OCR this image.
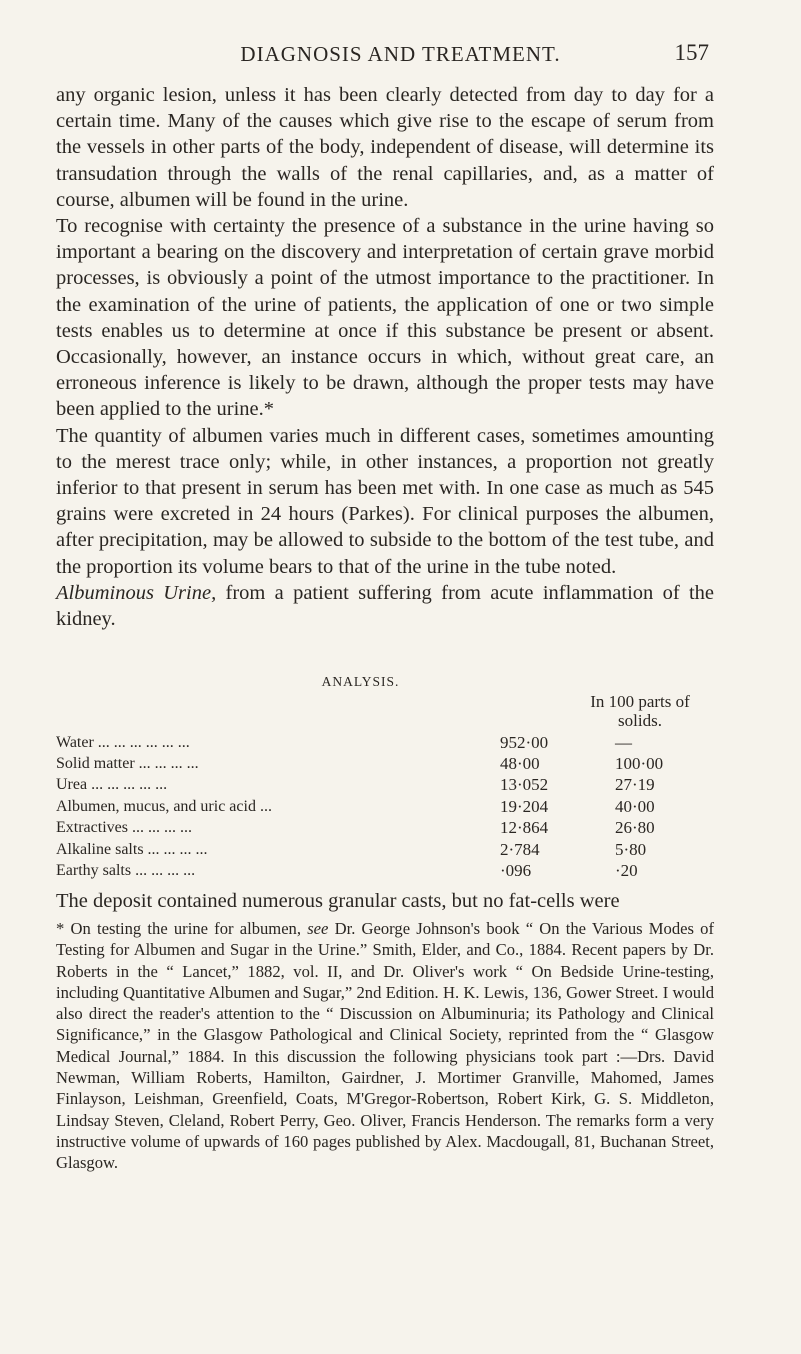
DIAGNOSIS AND TREATMENT.	157

any organic lesion, unless it has been clearly detected from day to day for a certain time. Many of the causes which give rise to the escape of serum from the vessels in other parts of the body, independent of disease, will determine its transudation through the walls of the renal capillaries, and, as a matter of course, albumen will be found in the urine.

To recognise with certainty the presence of a substance in the urine having so important a bearing on the discovery and interpretation of certain grave morbid processes, is obviously a point of the utmost importance to the practitioner. In the examination of the urine of patients, the application of one or two simple tests enables us to determine at once if this substance be present or absent. Occasionally, however, an instance occurs in which, without great care, an erroneous inference is likely to be drawn, although the proper tests may have been applied to the urine.*

The quantity of albumen varies much in different cases, sometimes amounting to the merest trace only; while, in other instances, a proportion not greatly inferior to that present in serum has been met with. In one case as much as 545 grains were excreted in 24 hours (Parkes). For clinical purposes the albumen, after precipitation, may be allowed to subside to the bottom of the test tube, and the proportion its volume bears to that of the urine in the tube noted.

Albuminous Urine, from a patient suffering from acute inflammation of the kidney.

ANALYSIS.
In 100 parts of solids.
Water ... ... ... ... ... ...	952·00	—
Solid matter ... ... ... ...	48·00	100·00
Urea ... ... ... ... ...	13·052	27·19
Albumen, mucus, and uric acid ...	19·204	40·00
Extractives ... ... ... ...	12·864	26·80
Alkaline salts ... ... ... ...	2·784	5·80
Earthy salts ... ... ... ...	·096	·20
The deposit contained numerous granular casts, but no fat-cells were
* On testing the urine for albumen, see Dr. George Johnson's book “ On the Various Modes of Testing for Albumen and Sugar in the Urine.” Smith, Elder, and Co., 1884. Recent papers by Dr. Roberts in the “ Lancet,” 1882, vol. II, and Dr. Oliver's work “ On Bedside Urine-testing, including Quantitative Albumen and Sugar,” 2nd Edition. H. K. Lewis, 136, Gower Street. I would also direct the reader's attention to the “ Discussion on Albuminuria; its Pathology and Clinical Significance,” in the Glasgow Pathological and Clinical Society, reprinted from the “ Glasgow Medical Journal,” 1884. In this discussion the following physicians took part :—Drs. David Newman, William Roberts, Hamilton, Gairdner, J. Mortimer Granville, Mahomed, James Finlayson, Leishman, Greenfield, Coats, M'Gregor-Robertson, Robert Kirk, G. S. Middleton, Lindsay Steven, Cleland, Robert Perry, Geo. Oliver, Francis Henderson. The remarks form a very instructive volume of upwards of 160 pages published by Alex. Macdougall, 81, Buchanan Street, Glasgow.
